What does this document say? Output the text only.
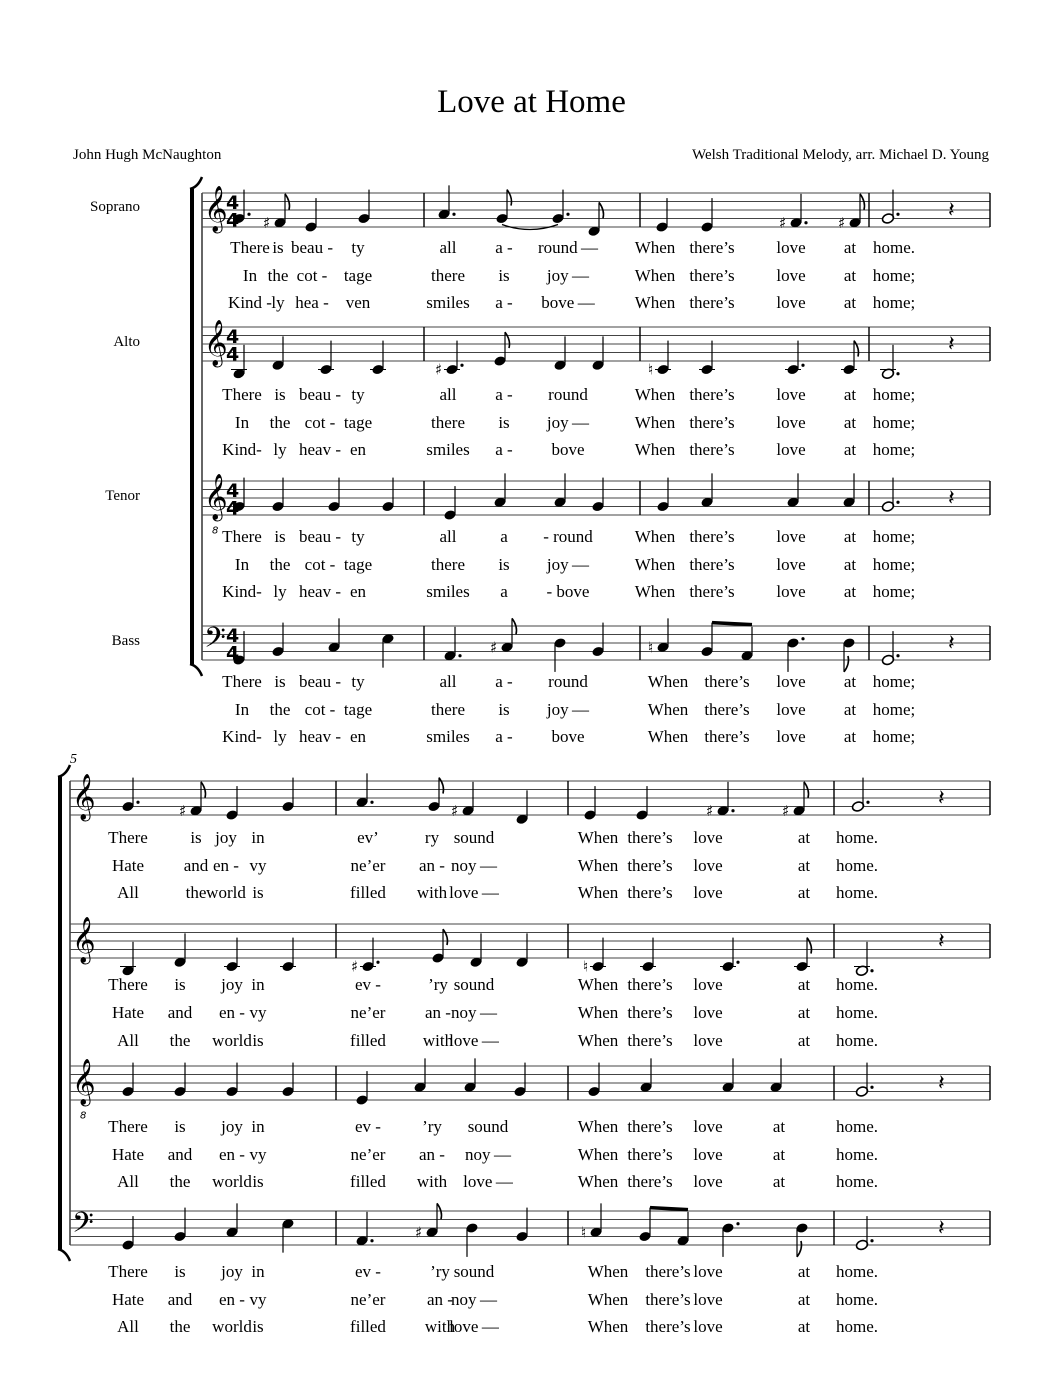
Love at Home
John Hugh McNaughton	Welsh Traditional Melody, arr. Michael D. Young
Soprano
Alto
Tenor
Bass
5
𝄞
4
4 ♯	♯	♯	𝄽
𝄞
4
4
♯	♮
𝄽
𝄞
8
4
4	𝄽
𝄢 4
4	♯	♮	𝄽
𝄞	♯	♯	♯	♯	𝄽
𝄞
♯	♮
𝄽
𝄞
8
𝄽
𝄢	♯	♮	𝄽
There is beau - ty	all a - round — When there’s love at home.
In the cot - tage	there is joy —	When there’s love at home;
Kind - ly hea - ven	smiles a - bove — When there’s love at home;
There is beau - ty	all a - round	When there’s love at home;
In the cot - tage	there is joy —	When there’s love at home;
Kind- ly heav - en	smiles a - bove	When there’s love at home;
There is beau - ty	all	a - round When there’s love at home;
In the cot - tage	there is joy —	When there’s love at home;
Kind- ly heav - en	smiles a - bove	When there’s love at home;
There is beau - ty	all a - round	When there’s love at home;
In the cot - tage	there is joy —	When there’s love at home;
Kind- ly heav - en	smiles a - bove	When there’s love at home;
There	is joy in	ev’	ry sound	When there’s love	at home.
Hate and en - vy	ne’er an - noy —	When there’s love	at home.
All	the world is	filled with love —	When there’s love	at home.
There is joy in	ev -	’ry sound	When there’s love	at home.
Hate and en - vy	ne’er an - noy —	When there’s love	at home.
All the world is	filled with
love —	When there’s love	at home.
There is joy in	ev - ’ry sound	When there’s love	at	home.
Hate and en - vy	ne’er an - noy —	When there’s love	at	home.
All the world is	filled with love —	When there’s love	at	home.
There is joy in	ev -	’ry sound	When there’s love	at home.
Hate and en - vy	ne’er an -
noy —	When there’s love	at home.
All the world is	filled with
love —	When there’s love	at home.
